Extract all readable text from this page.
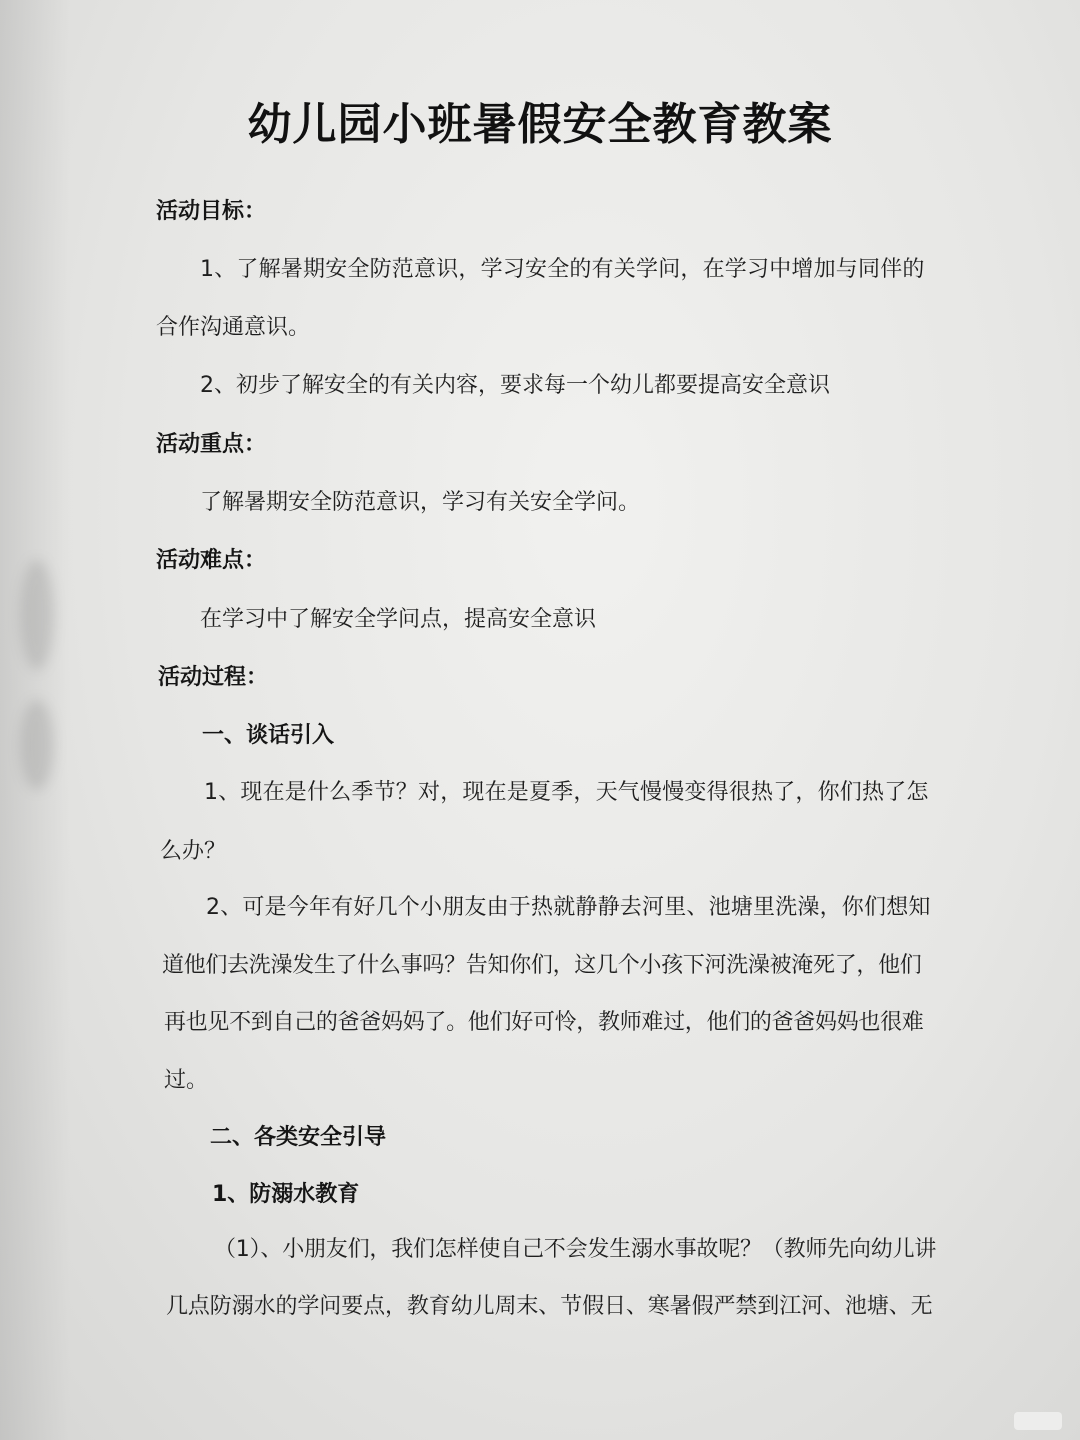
幼儿园小班暑假安全教育教案
活动目标：
1、了解暑期安全防范意识，学习安全的有关学问，在学习中增加与同伴的
合作沟通意识。
2、初步了解安全的有关内容，要求每一个幼儿都要提高安全意识
活动重点：
了解暑期安全防范意识，学习有关安全学问。
活动难点：
在学习中了解安全学问点，提高安全意识
活动过程：
一、谈话引入
1、现在是什么季节？对，现在是夏季，天气慢慢变得很热了，你们热了怎
么办？
2、可是今年有好几个小朋友由于热就静静去河里、池塘里洗澡，你们想知
道他们去洗澡发生了什么事吗？告知你们，这几个小孩下河洗澡被淹死了，他们
再也见不到自己的爸爸妈妈了。他们好可怜，教师难过，他们的爸爸妈妈也很难
过。
二、各类安全引导
1、防溺水教育
（1）、小朋友们，我们怎样使自己不会发生溺水事故呢？（教师先向幼儿讲
几点防溺水的学问要点，教育幼儿周末、节假日、寒暑假严禁到江河、池塘、无
